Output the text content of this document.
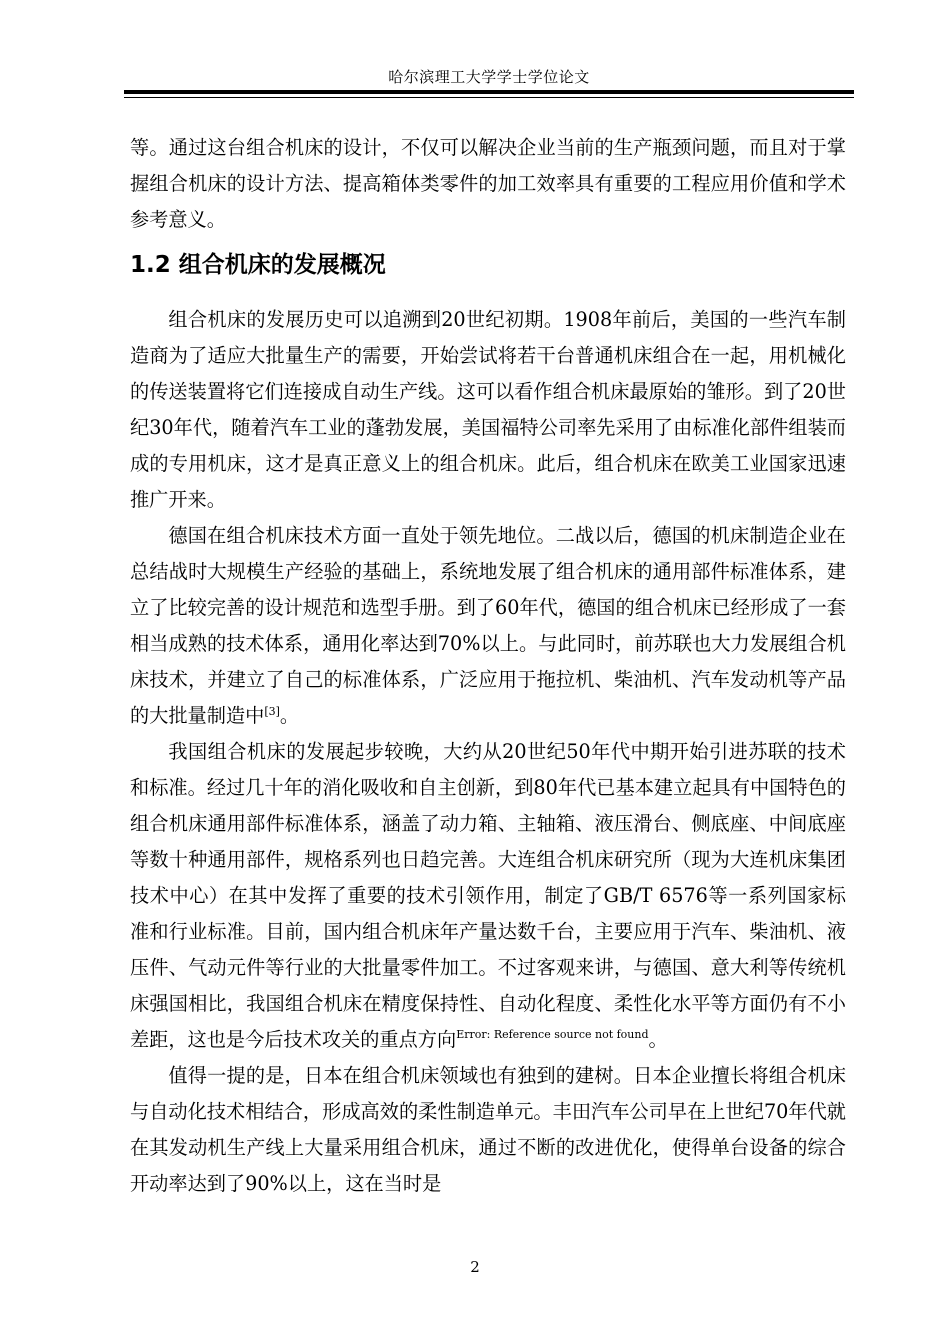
哈尔滨理工大学学士学位论文

等。通过这台组合机床的设计，不仅可以解决企业当前的生产瓶颈问题，而且对于掌握组合机床的设计方法、提高箱体类零件的加工效率具有重要的工程应用价值和学术参考意义。

1.2 组合机床的发展概况

组合机床的发展历史可以追溯到20世纪初期。1908年前后，美国的一些汽车制造商为了适应大批量生产的需要，开始尝试将若干台普通机床组合在一起，用机械化的传送装置将它们连接成自动生产线。这可以看作组合机床最原始的雏形。到了20世纪30年代，随着汽车工业的蓬勃发展，美国福特公司率先采用了由标准化部件组装而成的专用机床，这才是真正意义上的组合机床。此后，组合机床在欧美工业国家迅速推广开来。

德国在组合机床技术方面一直处于领先地位。二战以后，德国的机床制造企业在总结战时大规模生产经验的基础上，系统地发展了组合机床的通用部件标准体系，建立了比较完善的设计规范和选型手册。到了60年代，德国的组合机床已经形成了一套相当成熟的技术体系，通用化率达到70%以上。与此同时，前苏联也大力发展组合机床技术，并建立了自己的标准体系，广泛应用于拖拉机、柴油机、汽车发动机等产品的大批量制造中[3]。

我国组合机床的发展起步较晚，大约从20世纪50年代中期开始引进苏联的技术和标准。经过几十年的消化吸收和自主创新，到80年代已基本建立起具有中国特色的组合机床通用部件标准体系，涵盖了动力箱、主轴箱、液压滑台、侧底座、中间底座等数十种通用部件，规格系列也日趋完善。大连组合机床研究所（现为大连机床集团技术中心）在其中发挥了重要的技术引领作用，制定了GB/T 6576等一系列国家标准和行业标准。目前，国内组合机床年产量达数千台，主要应用于汽车、柴油机、液压件、气动元件等行业的大批量零件加工。不过客观来讲，与德国、意大利等传统机床强国相比，我国组合机床在精度保持性、自动化程度、柔性化水平等方面仍有不小差距，这也是今后技术攻关的重点方向$^{Error: Reference source not found}$。

值得一提的是，日本在组合机床领域也有独到的建树。日本企业擅长将组合机床与自动化技术相结合，形成高效的柔性制造单元。丰田汽车公司早在上世纪70年代就在其发动机生产线上大量采用组合机床，通过不断的改进优化，使得单台设备的综合开动率达到了90%以上，这在当时是

2
